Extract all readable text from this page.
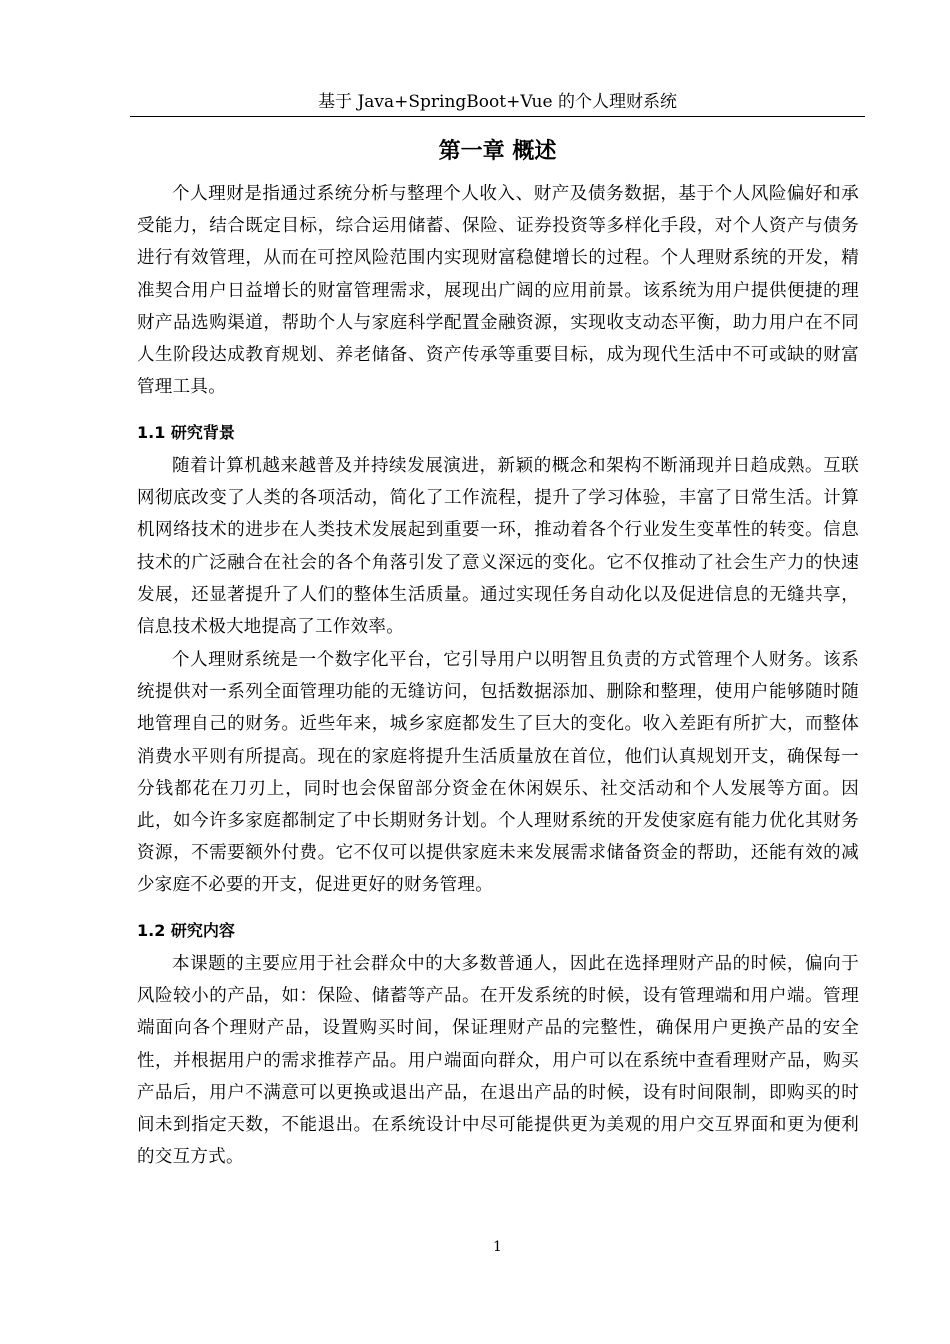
基于 Java+SpringBoot+Vue 的个人理财系统
第一章 概述

个人理财是指通过系统分析与整理个人收入、财产及债务数据，基于个人风险偏好和承受能力，结合既定目标，综合运用储蓄、保险、证券投资等多样化手段，对个人资产与债务进行有效管理，从而在可控风险范围内实现财富稳健增长的过程。个人理财系统的开发，精准契合用户日益增长的财富管理需求，展现出广阔的应用前景。该系统为用户提供便捷的理财产品选购渠道，帮助个人与家庭科学配置金融资源，实现收支动态平衡，助力用户在不同人生阶段达成教育规划、养老储备、资产传承等重要目标，成为现代生活中不可或缺的财富管理工具。

1.1 研究背景

随着计算机越来越普及并持续发展演进，新颖的概念和架构不断涌现并日趋成熟。互联网彻底改变了人类的各项活动，简化了工作流程，提升了学习体验，丰富了日常生活。计算机网络技术的进步在人类技术发展起到重要一环，推动着各个行业发生变革性的转变。信息技术的广泛融合在社会的各个角落引发了意义深远的变化。它不仅推动了社会生产力的快速发展，还显著提升了人们的整体生活质量。通过实现任务自动化以及促进信息的无缝共享，信息技术极大地提高了工作效率。

个人理财系统是一个数字化平台，它引导用户以明智且负责的方式管理个人财务。该系统提供对一系列全面管理功能的无缝访问，包括数据添加、删除和整理，使用户能够随时随地管理自己的财务。近些年来，城乡家庭都发生了巨大的变化。收入差距有所扩大，而整体消费水平则有所提高。现在的家庭将提升生活质量放在首位，他们认真规划开支，确保每一分钱都花在刀刃上，同时也会保留部分资金在休闲娱乐、社交活动和个人发展等方面。因此，如今许多家庭都制定了中长期财务计划。个人理财系统的开发使家庭有能力优化其财务资源，不需要额外付费。它不仅可以提供家庭未来发展需求储备资金的帮助，还能有效的减少家庭不必要的开支，促进更好的财务管理。

1.2 研究内容

本课题的主要应用于社会群众中的大多数普通人，因此在选择理财产品的时候，偏向于风险较小的产品，如：保险、储蓄等产品。在开发系统的时候，设有管理端和用户端。管理端面向各个理财产品，设置购买时间，保证理财产品的完整性，确保用户更换产品的安全性，并根据用户的需求推荐产品。用户端面向群众，用户可以在系统中查看理财产品，购买产品后，用户不满意可以更换或退出产品，在退出产品的时候，设有时间限制，即购买的时间未到指定天数，不能退出。在系统设计中尽可能提供更为美观的用户交互界面和更为便利的交互方式。

1
